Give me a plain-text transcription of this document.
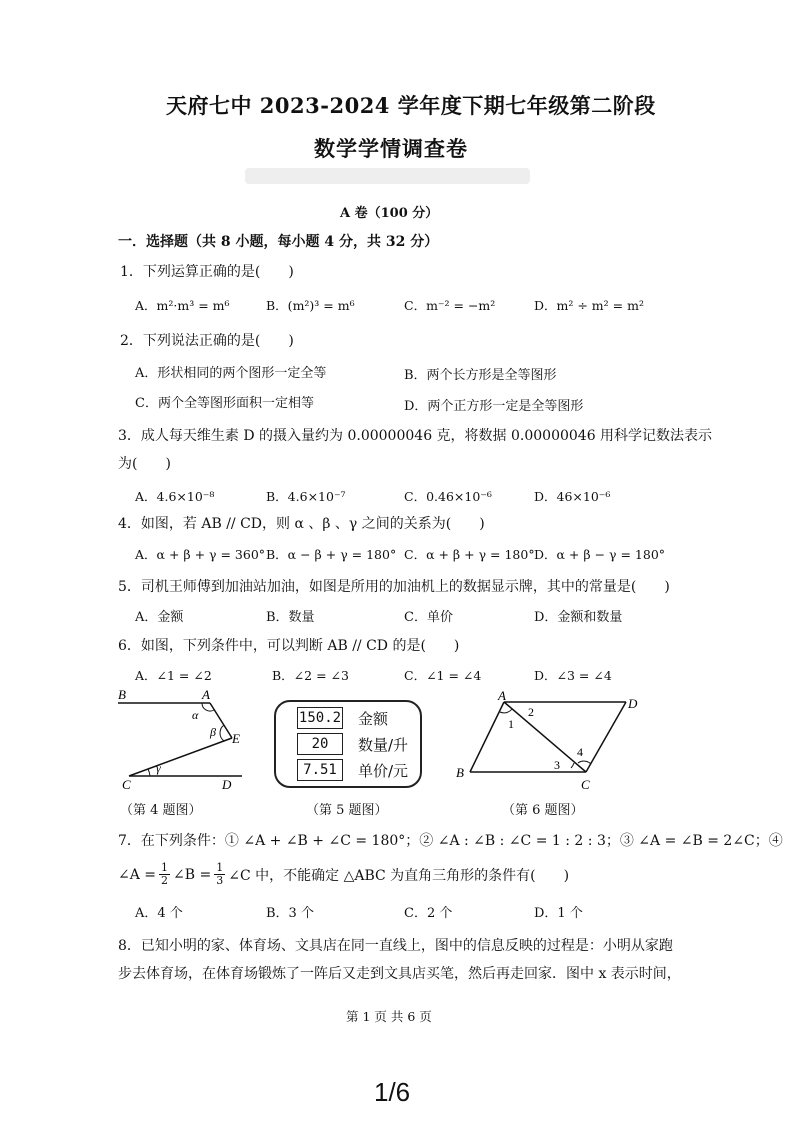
天府七中 2023-2024 学年度下期七年级第二阶段
数学学情调查卷
A 卷（100 分）
一．选择题（共 8 小题，每小题 4 分，共 32 分）
1．下列运算正确的是(　　)
A．m²·m³ = m⁶	B．(m²)³ = m⁶	C．m⁻² = −m²	D．m² ÷ m² = m²
2．下列说法正确的是(　　)
A．形状相同的两个图形一定全等	B．两个长方形是全等图形
C．两个全等图形面积一定相等	D．两个正方形一定是全等图形
3．成人每天维生素 D 的摄入量约为 0.00000046 克，将数据 0.00000046 用科学记数法表示
为(　　)
A．4.6×10⁻⁸	B．4.6×10⁻⁷	C．0.46×10⁻⁶	D．46×10⁻⁶
4．如图，若 AB // CD，则 α 、β 、γ 之间的关系为(　　)
A．α + β + γ = 360° B．α − β + γ = 180° C．α + β + γ = 180° D．α + β − γ = 180°
5．司机王师傅到加油站加油，如图是所用的加油机上的数据显示牌，其中的常量是(　　)
A．金额	B．数量	C．单价	D．金额和数量
6．如图，下列条件中，可以判断 AB // CD 的是(　　)
A．∠1 = ∠2	B．∠2 = ∠3	C．∠1 = ∠4	D．∠3 = ∠4
B	A
α
β E
C
γ
D
（第 4 题图）
150.2 金额
20	数量/升
7.51	单价/元
（第 5 题图）
A
D
B
C
1
2
3
4
（第 6 题图）
7．在下列条件：① ∠A + ∠B + ∠C = 180°；② ∠A : ∠B : ∠C = 1 : 2 : 3；③ ∠A = ∠B = 2∠C；④
∠A = $\frac{1}{2}$ ∠B = $\frac{1}{3}$ ∠C 中，不能确定 △ABC 为直角三角形的条件有(　　)
A．4 个	B．3 个	C．2 个	D．1 个
8．已知小明的家、体育场、文具店在同一直线上，图中的信息反映的过程是：小明从家跑
步去体育场，在体育场锻炼了一阵后又走到文具店买笔，然后再走回家．图中 x 表示时间，
第 1 页 共 6 页
1/6
